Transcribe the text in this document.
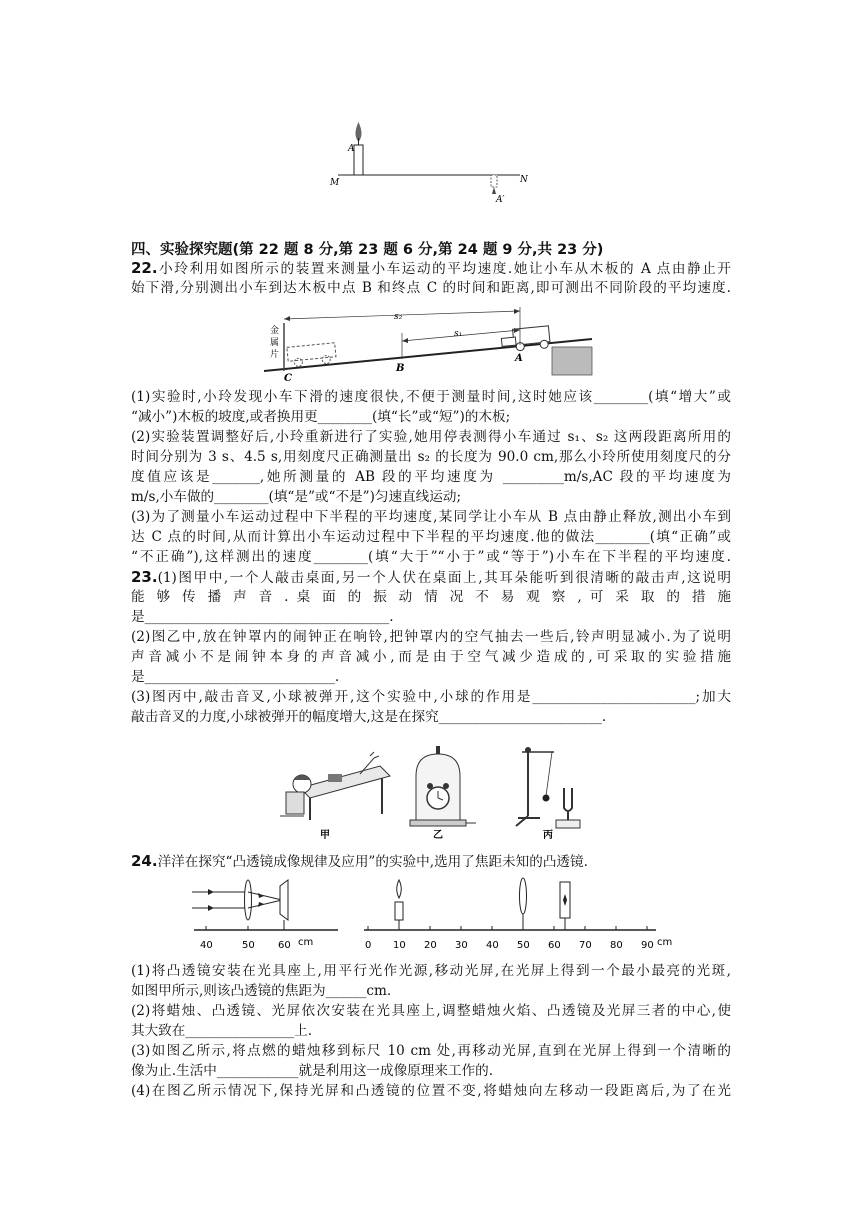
A
M	N
A′
四、实验探究题(第 22 题 8 分,第 23 题 6 分,第 24 题 9 分,共 23 分)
22.小玲利用如图所示的装置来测量小车运动的平均速度.她让小车从木板的 A 点由静止开
始下滑,分别测出小车到达木板中点 B 和终点 C 的时间和距离,即可测出不同阶段的平均速度.
金
属
片
s₂
s₁
C
B
A
(1)实验时,小玲发现小车下滑的速度很快,不便于测量时间,这时她应该________(填“增大”或
“减小”)木板的坡度,或者换用更________(填“长”或“短”)的木板;
(2)实验装置调整好后,小玲重新进行了实验,她用停表测得小车通过 s₁、s₂ 这两段距离所用的
时间分别为 3 s、4.5 s,用刻度尺正确测量出 s₂ 的长度为 90.0 cm,那么小玲所使用刻度尺的分
度值应该是_______,她所测量的 AB 段的平均速度为 _________m/s,AC 段的平均速度为
m/s,小车做的________(填“是”或“不是”)匀速直线运动;
(3)为了测量小车运动过程中下半程的平均速度,某同学让小车从 B 点由静止释放,测出小车到
达 C 点的时间,从而计算出小车运动过程中下半程的平均速度.他的做法________(填“正确”或
“不正确”),这样测出的速度________(填“大于”“小于”或“等于”)小车在下半程的平均速度.
23.(1)图甲中,一个人敲击桌面,另一个人伏在桌面上,其耳朵能听到很清晰的敲击声,这说明
能 够 传 播 声 音 . 桌 面 的 振 动 情 况 不 易 观 察 , 可 采 取 的 措 施
是____________________________________.
(2)图乙中,放在钟罩内的闹钟正在响铃,把钟罩内的空气抽去一些后,铃声明显减小.为了说明
声音减小不是闹钟本身的声音减小,而是由于空气减少造成的,可采取的实验措施
是____________________________.
(3)图丙中,敲击音叉,小球被弹开,这个实验中,小球的作用是________________________;加大
敲击音叉的力度,小球被弹开的幅度增大,这是在探究________________________.
甲	乙	丙
24.洋洋在探究“凸透镜成像规律及应用”的实验中,选用了焦距未知的凸透镜.
40	50 60 cm	0 10 20 30 40 50 60 70 80 90 cm
(1)将凸透镜安装在光具座上,用平行光作光源,移动光屏,在光屏上得到一个最小最亮的光斑,
如图甲所示,则该凸透镜的焦距为______cm.
(2)将蜡烛、凸透镜、光屏依次安装在光具座上,调整蜡烛火焰、凸透镜及光屏三者的中心,使
其大致在________________上.
(3)如图乙所示,将点燃的蜡烛移到标尺 10 cm 处,再移动光屏,直到在光屏上得到一个清晰的
像为止.生活中____________就是利用这一成像原理来工作的.
(4)在图乙所示情况下,保持光屏和凸透镜的位置不变,将蜡烛向左移动一段距离后,为了在光
